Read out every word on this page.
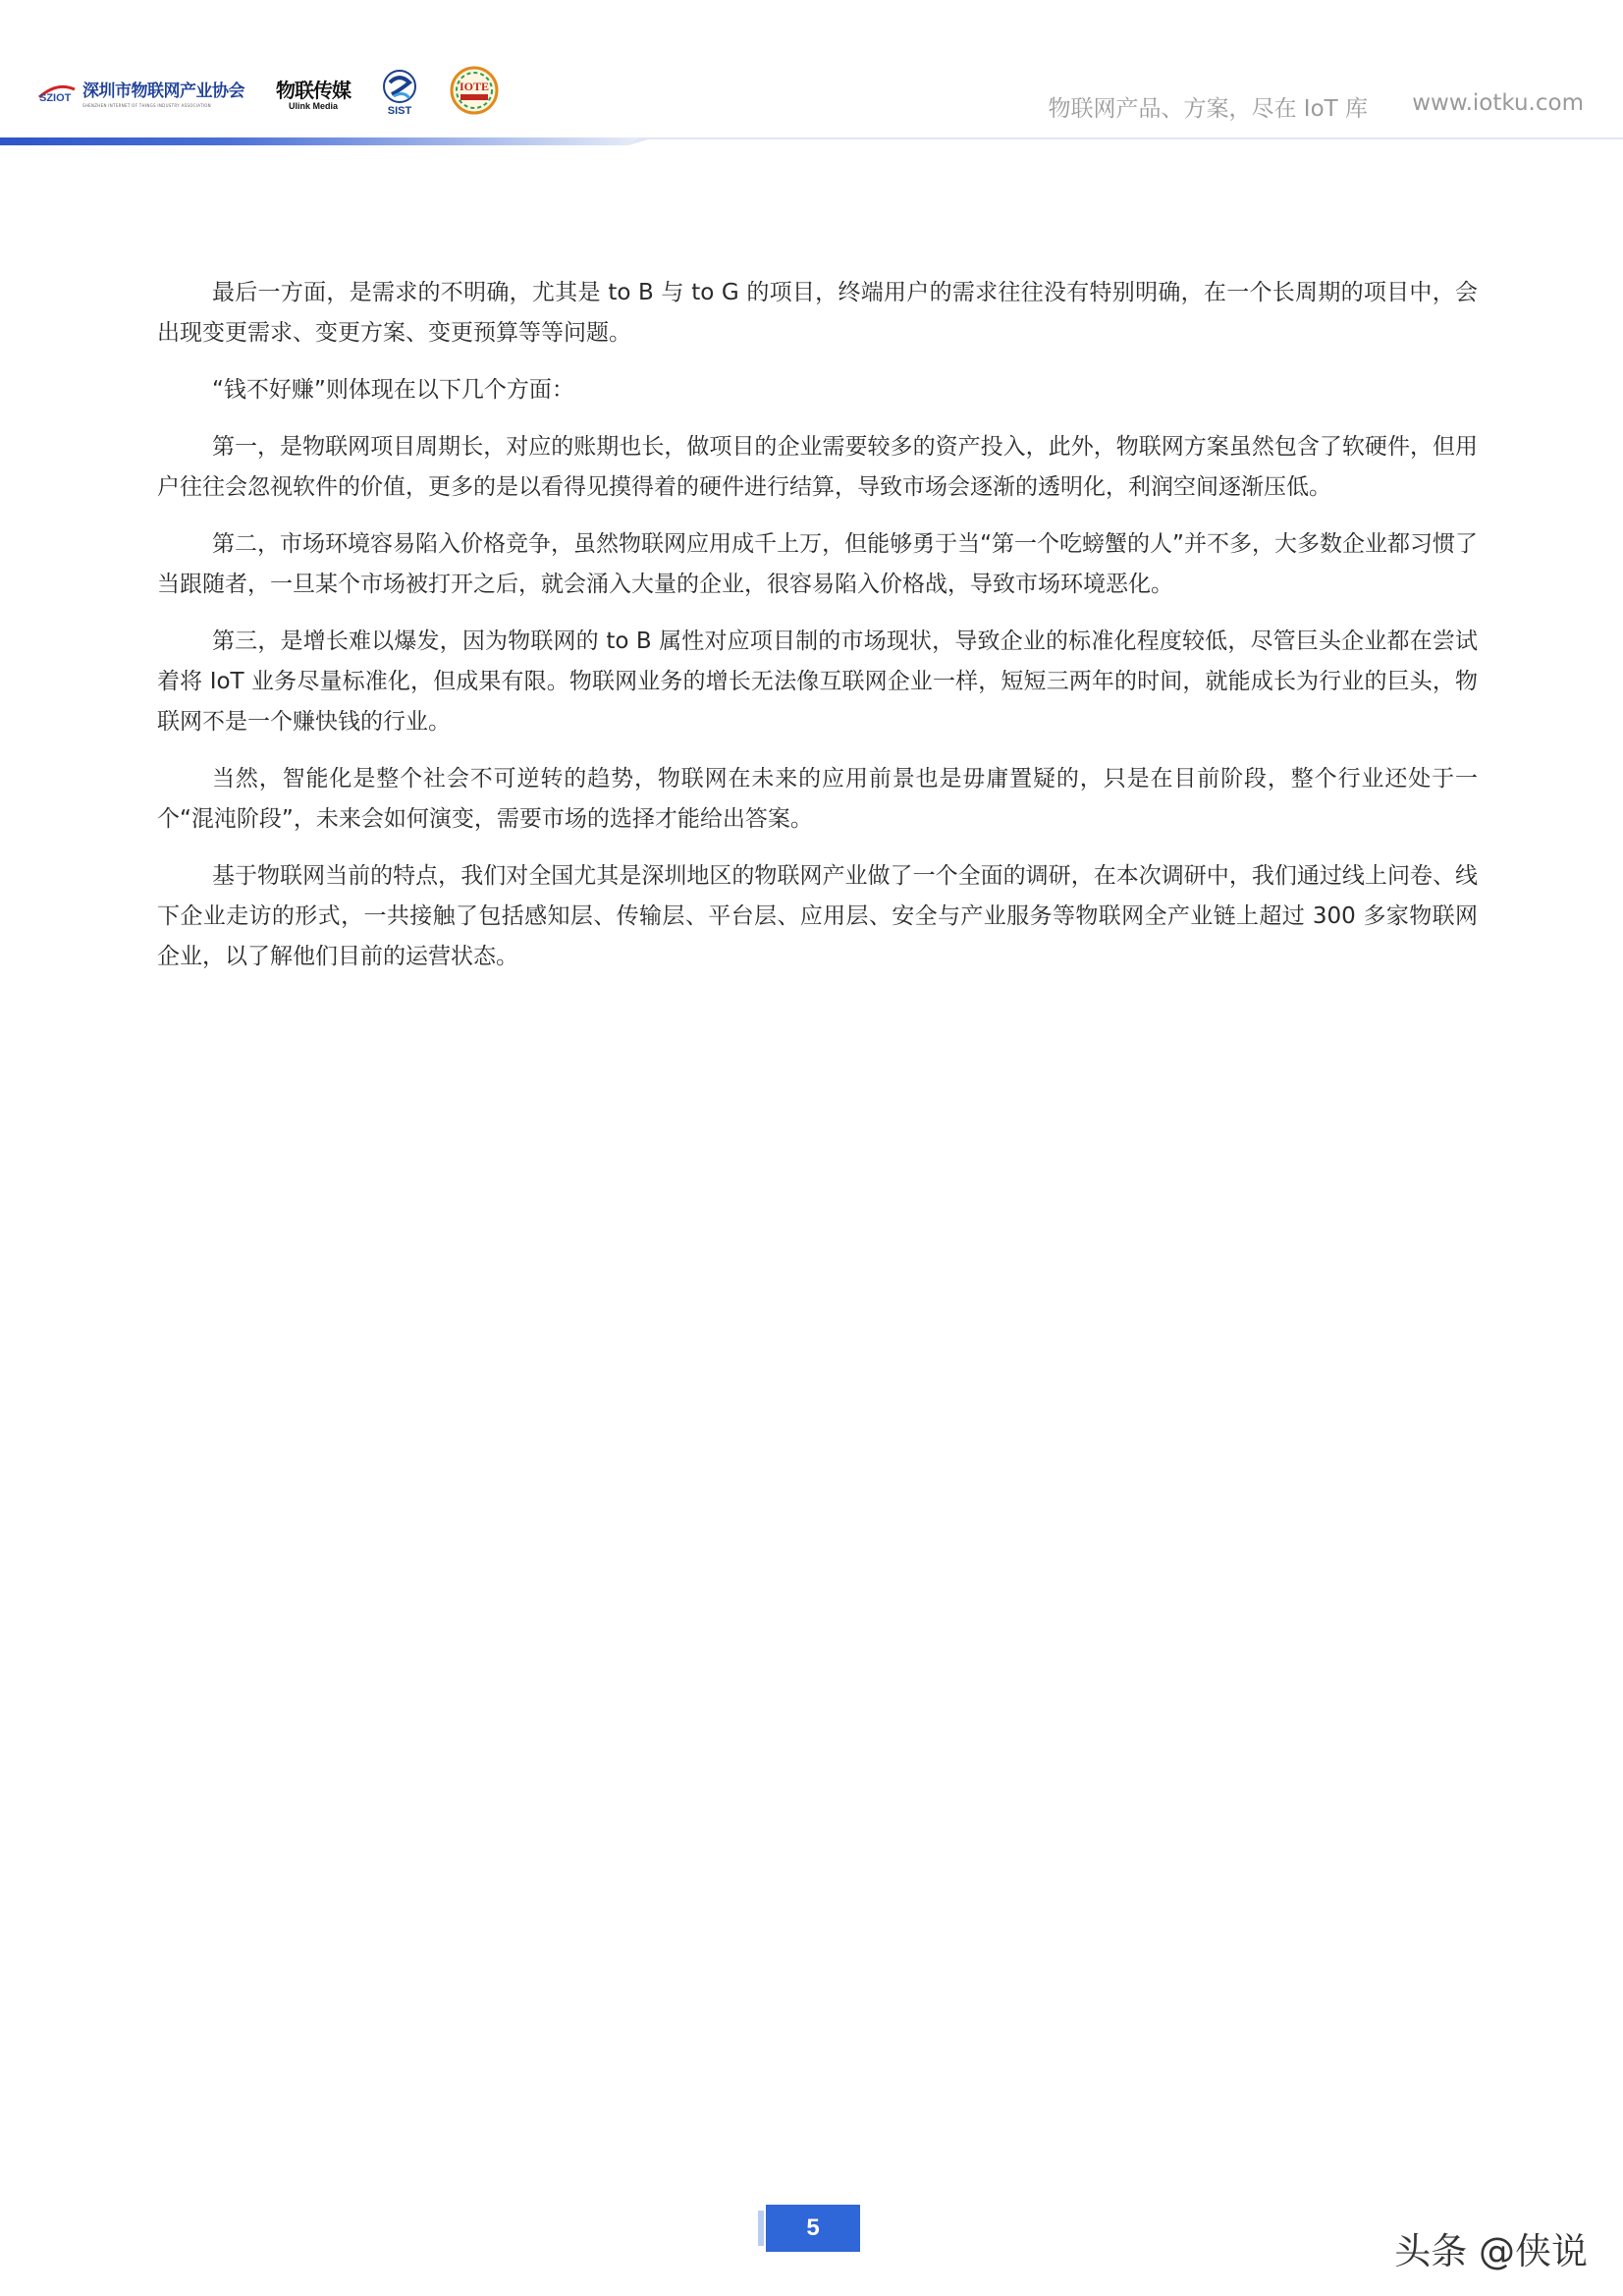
SZIOT 深圳市物联网产业协会
SHENZHEN INTERNET OF THINGS INDUSTRY ASSOCIATION
物联传媒
Ulink Media	SIST
IOTE
物联网产品、方案，尽在 IoT 库 www.iotku.com

最后一方面，是需求的不明确，尤其是 to B 与 to G 的项目，终端用户的需求往往没有特别明确，在一个长周期的项目中，会出现变更需求、变更方案、变更预算等等问题。

“钱不好赚”则体现在以下几个方面：

第一，是物联网项目周期长，对应的账期也长，做项目的企业需要较多的资产投入，此外，物联网方案虽然包含了软硬件，但用户往往会忽视软件的价值，更多的是以看得见摸得着的硬件进行结算，导致市场会逐渐的透明化，利润空间逐渐压低。

第二，市场环境容易陷入价格竞争，虽然物联网应用成千上万，但能够勇于当“第一个吃螃蟹的人”并不多，大多数企业都习惯了当跟随者，一旦某个市场被打开之后，就会涌入大量的企业，很容易陷入价格战，导致市场环境恶化。

第三，是增长难以爆发，因为物联网的 to B 属性对应项目制的市场现状，导致企业的标准化程度较低，尽管巨头企业都在尝试着将 IoT 业务尽量标准化，但成果有限。物联网业务的增长无法像互联网企业一样，短短三两年的时间，就能成长为行业的巨头，物联网不是一个赚快钱的行业。

当然，智能化是整个社会不可逆转的趋势，物联网在未来的应用前景也是毋庸置疑的，只是在目前阶段，整个行业还处于一个“混沌阶段”，未来会如何演变，需要市场的选择才能给出答案。

基于物联网当前的特点，我们对全国尤其是深圳地区的物联网产业做了一个全面的调研，在本次调研中，我们通过线上问卷、线下企业走访的形式，一共接触了包括感知层、传输层、平台层、应用层、安全与产业服务等物联网全产业链上超过 300 多家物联网企业，以了解他们目前的运营状态。

5
头条 @侠说
